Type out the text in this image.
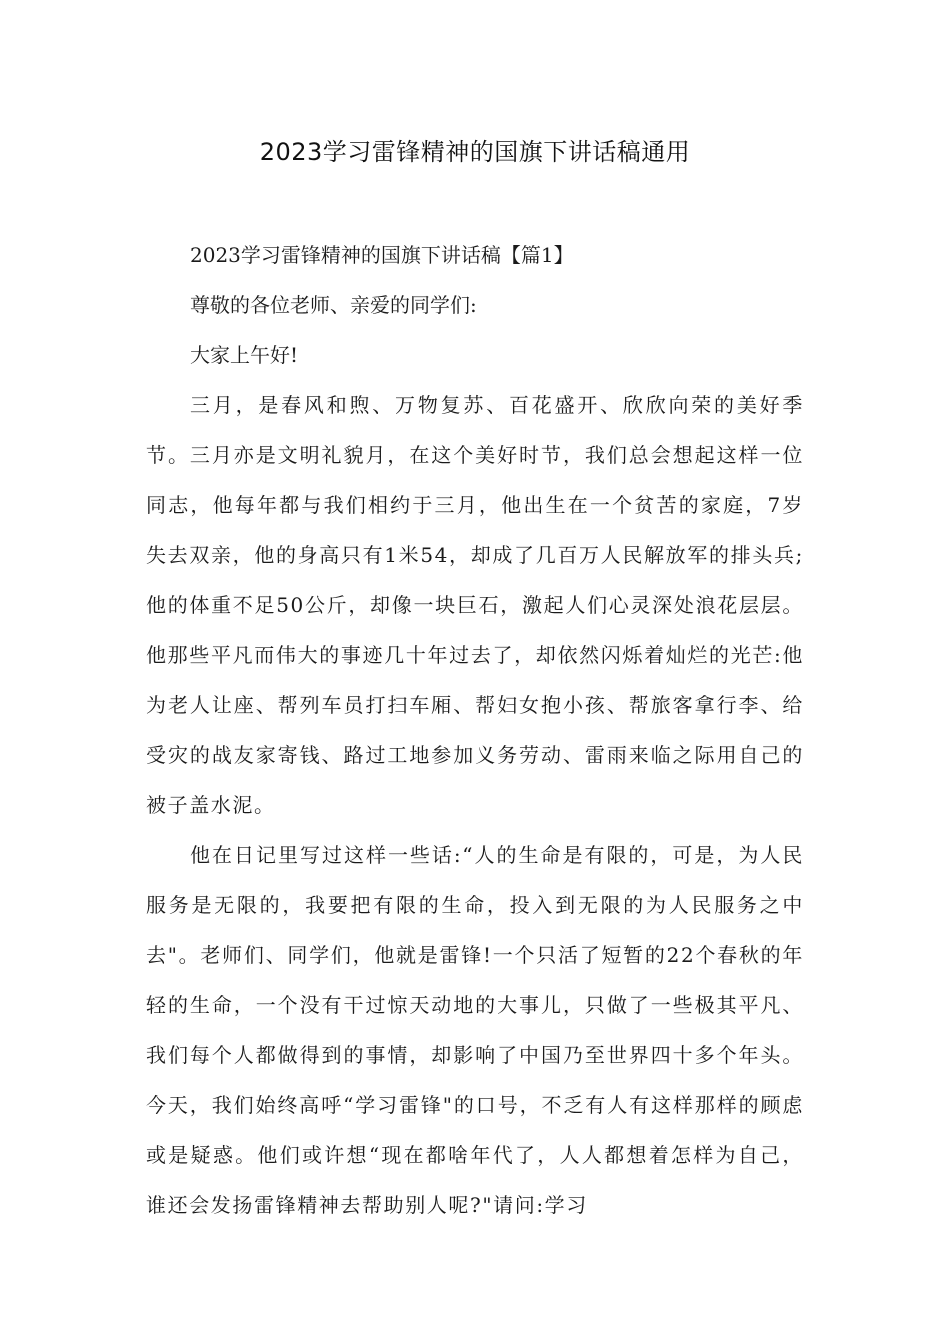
2023学习雷锋精神的国旗下讲话稿通用

2023学习雷锋精神的国旗下讲话稿【篇1】

尊敬的各位老师、亲爱的同学们:

大家上午好!

三月，是春风和煦、万物复苏、百花盛开、欣欣向荣的美好季节。三月亦是文明礼貌月，在这个美好时节，我们总会想起这样一位同志，他每年都与我们相约于三月，他出生在一个贫苦的家庭，7岁失去双亲，他的身高只有1米54，却成了几百万人民解放军的排头兵;他的体重不足50公斤，却像一块巨石，激起人们心灵深处浪花层层。他那些平凡而伟大的事迹几十年过去了，却依然闪烁着灿烂的光芒:他为老人让座、帮列车员打扫车厢、帮妇女抱小孩、帮旅客拿行李、给受灾的战友家寄钱、路过工地参加义务劳动、雷雨来临之际用自己的被子盖水泥。

他在日记里写过这样一些话:“人的生命是有限的，可是，为人民服务是无限的，我要把有限的生命，投入到无限的为人民服务之中去"。老师们、同学们，他就是雷锋!一个只活了短暂的22个春秋的年轻的生命，一个没有干过惊天动地的大事儿，只做了一些极其平凡、我们每个人都做得到的事情，却影响了中国乃至世界四十多个年头。今天，我们始终高呼“学习雷锋"的口号，不乏有人有这样那样的顾虑或是疑惑。他们或许想“现在都啥年代了，人人都想着怎样为自己，谁还会发扬雷锋精神去帮助别人呢?"请问:学习
